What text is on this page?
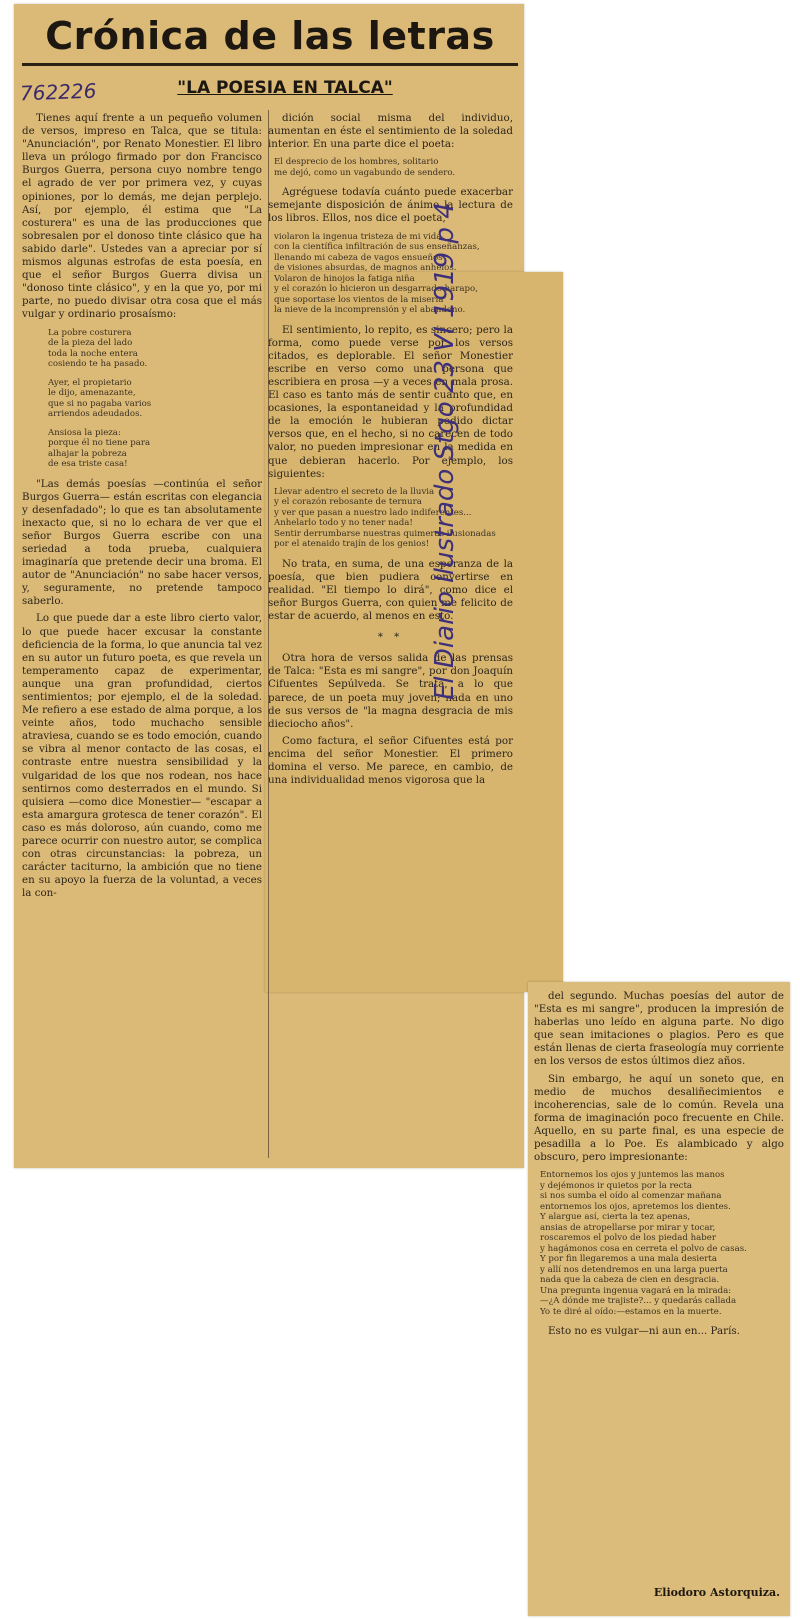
Crónica de las letras
762226	"LA POESIA EN TALCA"

Tienes aquí frente a un pequeño volumen de versos, impreso en Talca, que se titula: "Anunciación", por Renato Monestier. El libro lleva un prólogo firmado por don Francisco Burgos Guerra, persona cuyo nombre tengo el agrado de ver por primera vez, y cuyas opiniones, por lo demás, me dejan perplejo. Así, por ejemplo, él estima que "La costurera" es una de las producciones que sobresalen por el donoso tinte clásico que ha sabido darle". Ustedes van a apreciar por sí mismos algunas estrofas de esta poesía, en que el señor Burgos Guerra divisa un "donoso tinte clásico", y en la que yo, por mi parte, no puedo divisar otra cosa que el más vulgar y ordinario prosaísmo:

La pobre costurera
de la pieza del lado
toda la noche entera
cosiendo te ha pasado.
Ayer, el propietario
le dijo, amenazante,
que si no pagaba varios
arriendos adeudados.
Ansiosa la pieza:
porque él no tiene para
alhajar la pobreza
de esa triste casa!

"Las demás poesías —continúa el señor Burgos Guerra— están escritas con elegancia y desenfadado"; lo que es tan absolutamente inexacto que, si no lo echara de ver que el señor Burgos Guerra escribe con una seriedad a toda prueba, cualquiera imaginaría que pretende decir una broma. El autor de "Anunciación" no sabe hacer versos, y, seguramente, no pretende tampoco saberlo.

Lo que puede dar a este libro cierto valor, lo que puede hacer excusar la constante deficiencia de la forma, lo que anuncia tal vez en su autor un futuro poeta, es que revela un temperamento capaz de experimentar, aunque una gran profundidad, ciertos sentimientos; por ejemplo, el de la soledad. Me refiero a ese estado de alma porque, a los veinte años, todo muchacho sensible atraviesa, cuando se es todo emoción, cuando se vibra al menor contacto de las cosas, el contraste entre nuestra sensibilidad y la vulgaridad de los que nos rodean, nos hace sentirnos como desterrados en el mundo. Si quisiera —como dice Monestier— "escapar a esta amargura grotesca de tener corazón". El caso es más doloroso, aún cuando, como me parece ocurrir con nuestro autor, se complica con otras circunstancias: la pobreza, un carácter taciturno, la ambición que no tiene en su apoyo la fuerza de la voluntad, a veces la con-

dición social misma del individuo, aumentan en éste el sentimiento de la soledad interior. En una parte dice el poeta:

El desprecio de los hombres, solitario
me dejó, como un vagabundo de sendero.

Agréguese todavía cuánto puede exacerbar semejante disposición de ánimo la lectura de los libros. Ellos, nos dice el poeta,

violaron la ingenua tristeza de mi vida
con la científica infiltración de sus enseñanzas,
llenando mi cabeza de vagos ensueños
de visiones absurdas, de magnos anhelos.
Volaron de hinojos la fatiga niña
y el corazón lo hicieron un desgarrado harapo,
que soportase los vientos de la miseria
la nieve de la incomprensión y el abandono.

El sentimiento, lo repito, es sincero; pero la forma, como puede verse por los versos citados, es deplorable. El señor Monestier escribe en verso como una persona que escribiera en prosa —y a veces en mala prosa. El caso es tanto más de sentir cuanto que, en ocasiones, la espontaneidad y la profundidad de la emoción le hubieran podido dictar versos que, en el hecho, si no carecen de todo valor, no pueden impresionar en la medida en que debieran hacerlo. Por ejemplo, los siguientes:

Llevar adentro el secreto de la lluvia
y el corazón rebosante de ternura
y ver que pasan a nuestro lado indiferentes...
Anhelarlo todo y no tener nada!
Sentir derrumbarse nuestras quimeras ilusionadas
por el atenaido trajín de los genios!

No trata, en suma, de una esperanza de la poesía, que bien pudiera convertirse en realidad. "El tiempo lo dirá", como dice el señor Burgos Guerra, con quien me felicito de estar de acuerdo, al menos en esto.

* *

Otra hora de versos salida de las prensas de Talca: "Esta es mi sangre", por don Joaquín Cifuentes Sepúlveda. Se trata, a lo que parece, de un poeta muy joven; nada en uno de sus versos de "la magna desgracia de mis dieciocho años".

Como factura, el señor Cifuentes está por encima del señor Monestier. El primero domina el verso. Me parece, en cambio, de una individualidad menos vigorosa que la

El Diario Ilustrado Stgo 23 VI 1919 p 4

del segundo. Muchas poesías del autor de "Esta es mi sangre", producen la impresión de haberlas uno leído en alguna parte. No digo que sean imitaciones o plagios. Pero es que están llenas de cierta fraseología muy corriente en los versos de estos últimos diez años.

Sin embargo, he aquí un soneto que, en medio de muchos desaliñecimientos e incoherencias, sale de lo común. Revela una forma de imaginación poco frecuente en Chile. Aquello, en su parte final, es una especie de pesadilla a lo Poe. Es alambicado y algo obscuro, pero impresionante:

Entornemos los ojos y juntemos las manos
y dejémonos ir quietos por la recta
si nos sumba el oído al comenzar mañana
entornemos los ojos, apretemos los dientes.
Y alargue así, cierta la tez apenas,
ansias de atropellarse por mirar y tocar,
roscaremos el polvo de los piedad haber
y hagámonos cosa en cerreta el polvo de casas.
Y por fin llegaremos a una mala desierta
y allí nos detendremos en una larga puerta
nada que la cabeza de cien en desgracia.
Una pregunta ingenua vagará en la mirada:
—¿A dónde me trajiste?... y quedarás callada
Yo te diré al oído:—estamos en la muerte.

Esto no es vulgar—ni aun en... París.

Eliodoro Astorquiza.
